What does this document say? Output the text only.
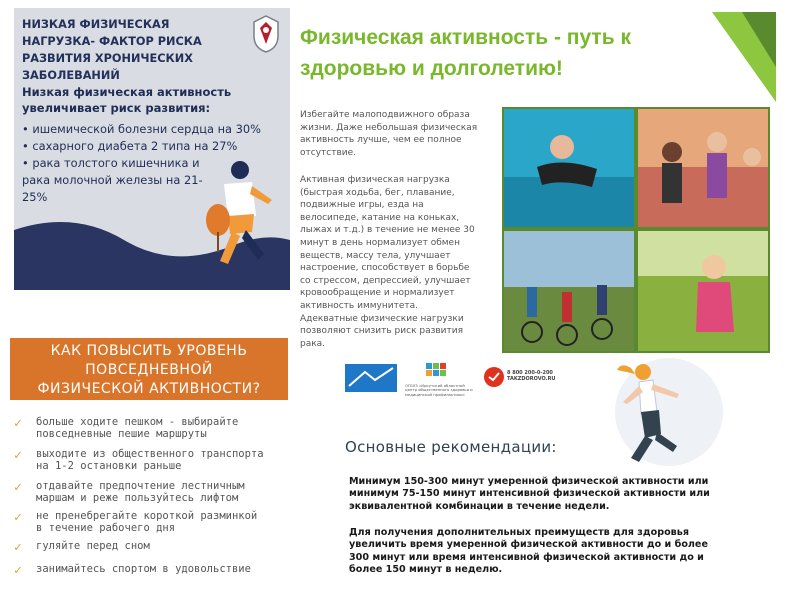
НИЗКАЯ ФИЗИЧЕСКАЯ НАГРУЗКА- ФАКТОР РИСКА РАЗВИТИЯ ХРОНИЧЕСКИХ ЗАБОЛЕВАНИЙ
Низкая физическая активность
увеличивает риск развития:
• ишемической болезни сердца на 30%
• сахарного диабета 2 типа на 27%
• рака толстого кишечника и рака молочной железы на 21-25%
Физическая активность - путь к
здоровью и долголетию!
Избегайте малоподвижного образа жизни. Даже небольшая физическая активность лучше, чем ее полное отсутствие.
Активная физическая нагрузка (быстрая ходьба, бег, плавание, подвижные игры, езда на велосипеде, катание на коньках, лыжах и т.д.) в течение не менее 30 минут в день нормализует обмен веществ, массу тела, улучшает настроение, способствует в борьбе со стрессом, депрессией, улучшает кровообращение и нормализует активность иммунитета. Адекватные физические нагрузки позволяют снизить риск развития рака.
ОГБУЗ «Иркутский областной центр общественного здоровья и медицинской профилактики»
8 800 200-0-200
TAKZDOROVO.RU
КАК ПОВЫСИТЬ УРОВЕНЬ
ПОВСЕДНЕВНОЙ
ФИЗИЧЕСКОЙ АКТИВНОСТИ?
✓ больше ходите пешком - выбирайте
повседневные пешие маршруты
✓ выходите из общественного транспорта
на 1-2 остановки раньше
✓ отдавайте предпочтение лестничным
маршам и реже пользуйтесь лифтом
✓ не пренебрегайте короткой разминкой
в течение рабочего дня
✓ гуляйте перед сном
✓ занимайтесь спортом в удовольствие
Основные рекомендации:
Минимум 150-300 минут умеренной физической активности или минимум 75-150 минут интенсивной физической активности или эквивалентной комбинации в течение недели.
Для получения дополнительных преимуществ для здоровья увеличить время умеренной физической активности до и более 300 минут или время интенсивной физической активности до и более 150 минут в неделю.
